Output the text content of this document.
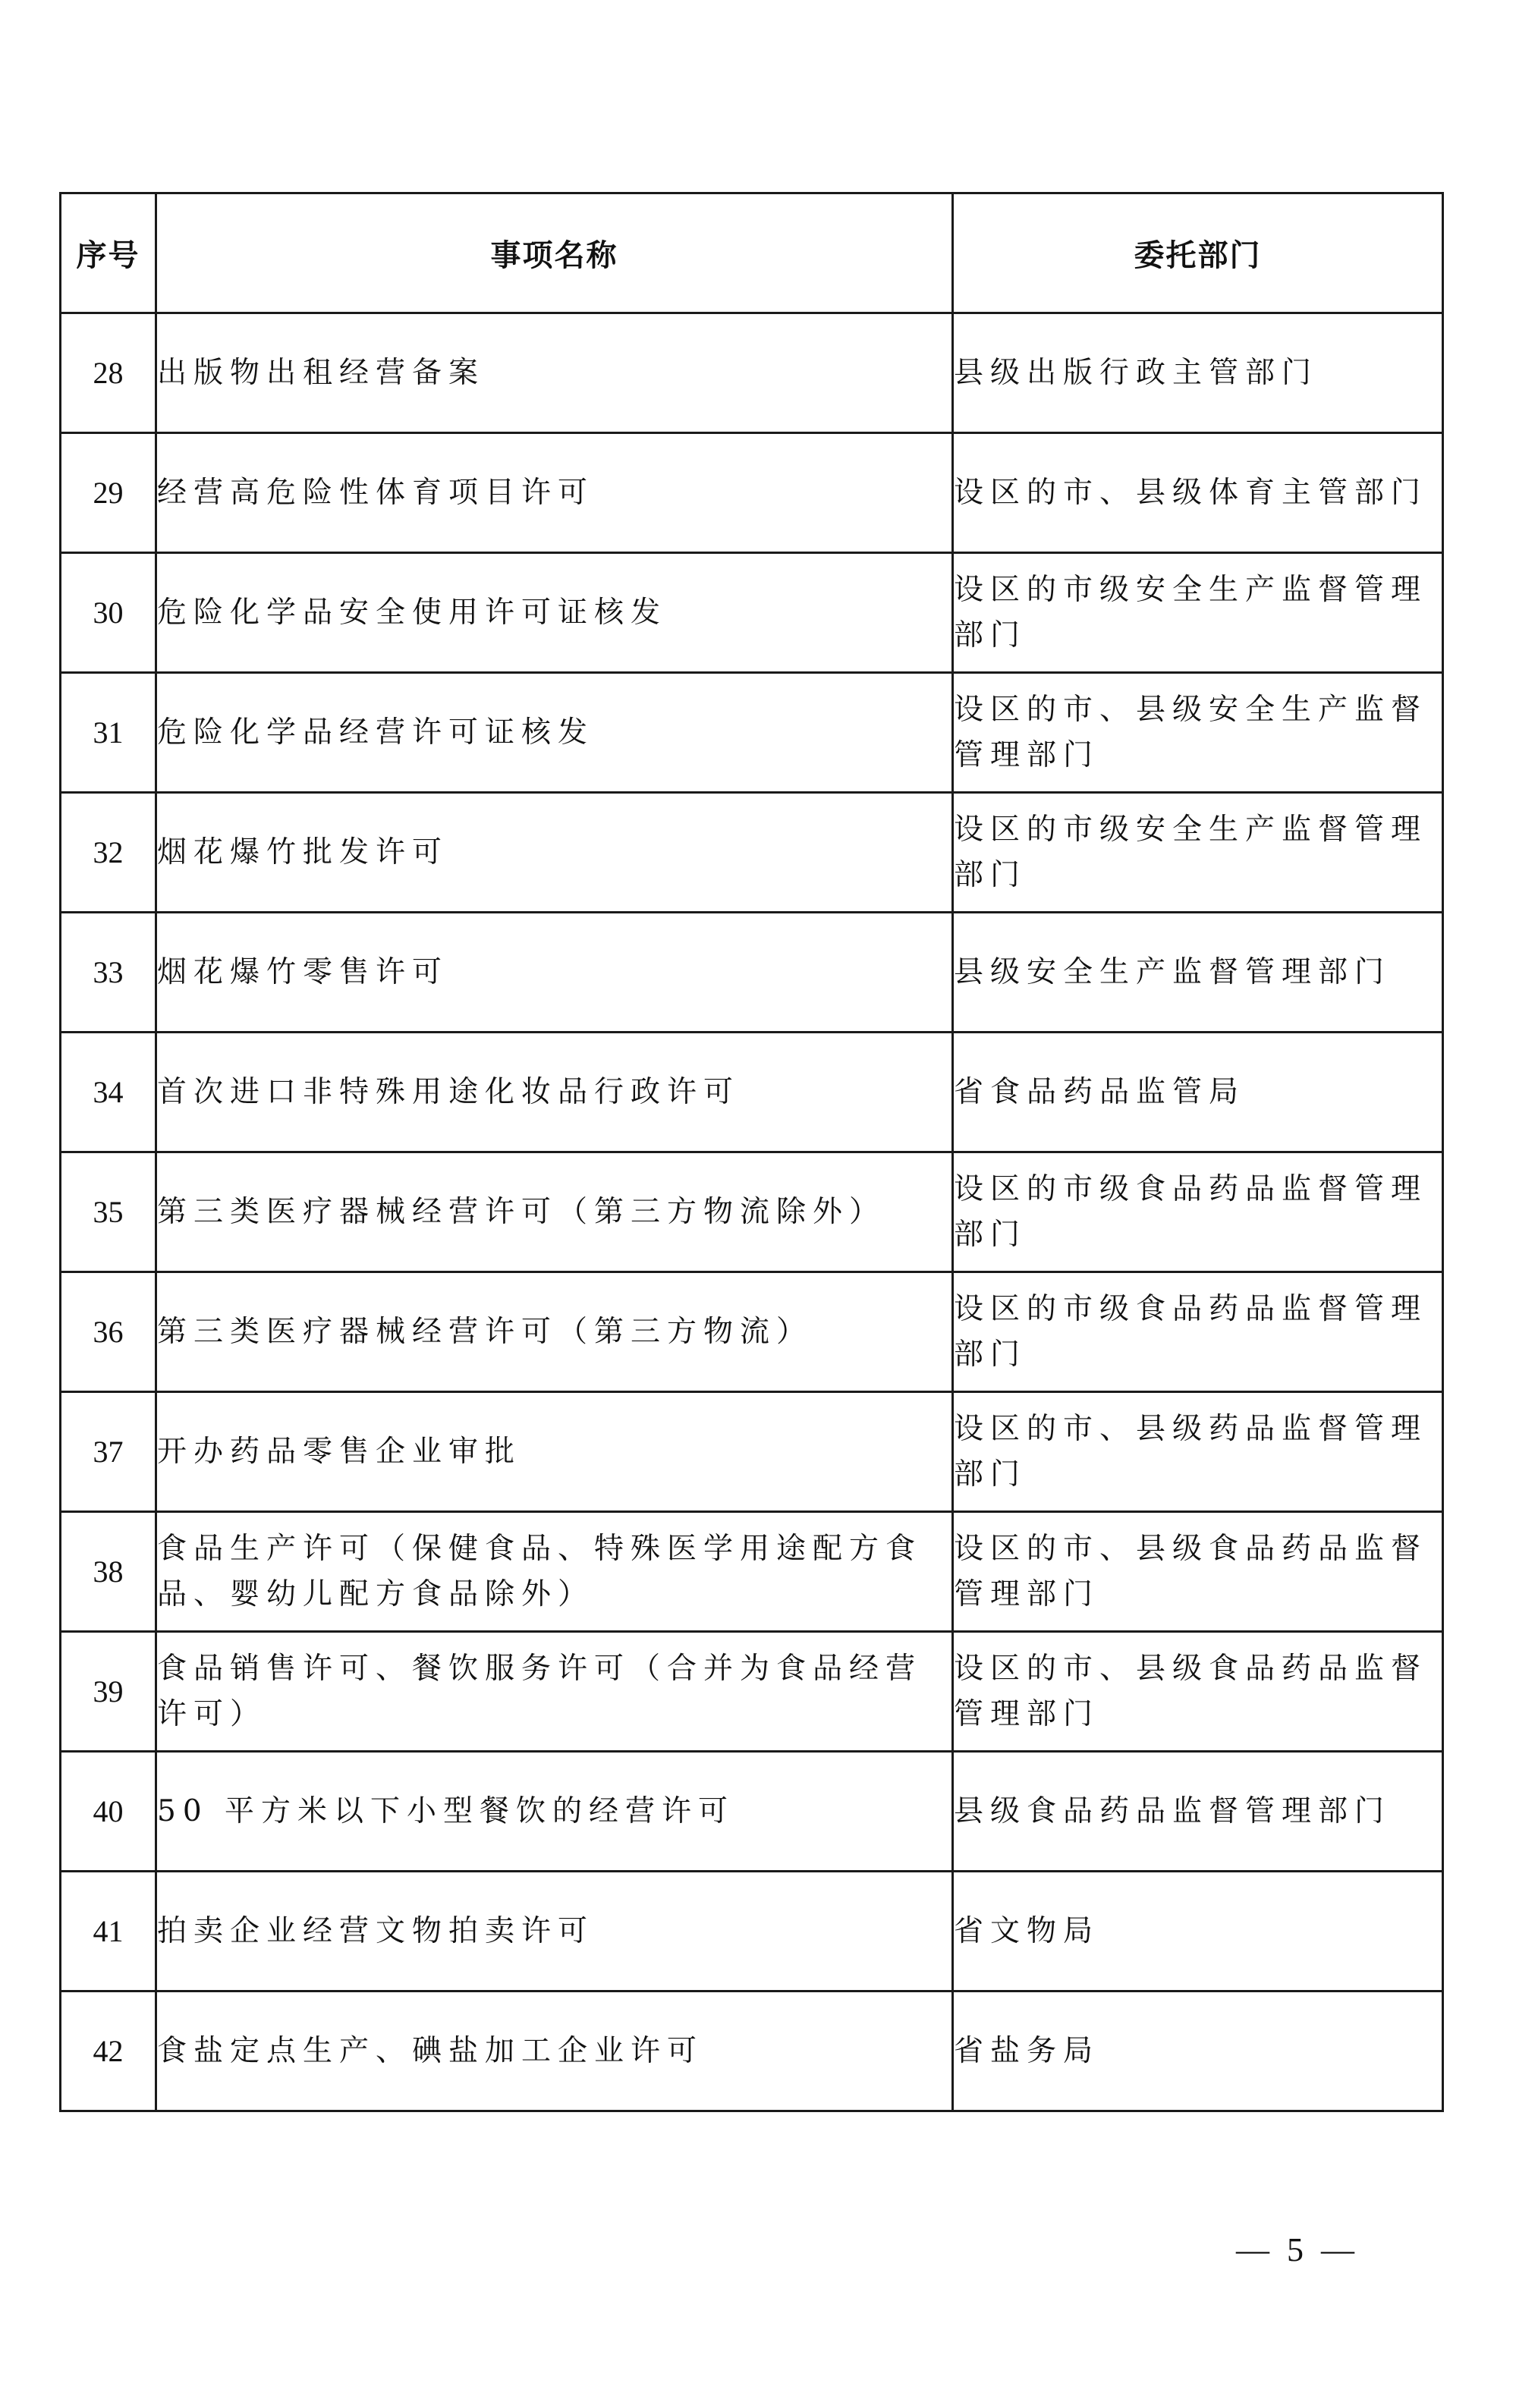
序号	事项名称	委托部门
28	出版物出租经营备案	县级出版行政主管部门
29	经营高危险性体育项目许可	设区的市、县级体育主管部门
30	危险化学品安全使用许可证核发	设区的市级安全生产监督管理部门
31	危险化学品经营许可证核发	设区的市、县级安全生产监督管理部门
32	烟花爆竹批发许可	设区的市级安全生产监督管理部门
33	烟花爆竹零售许可	县级安全生产监督管理部门
34	首次进口非特殊用途化妆品行政许可	省食品药品监管局
35	第三类医疗器械经营许可（第三方物流除外）	设区的市级食品药品监督管理部门
36	第三类医疗器械经营许可（第三方物流）	设区的市级食品药品监督管理部门
37	开办药品零售企业审批	设区的市、县级药品监督管理部门
38	食品生产许可（保健食品、特殊医学用途配方食品、婴幼儿配方食品除外）	设区的市、县级食品药品监督管理部门
39	食品销售许可、餐饮服务许可（合并为食品经营许可）	设区的市、县级食品药品监督管理部门
40	50 平方米以下小型餐饮的经营许可	县级食品药品监督管理部门
41	拍卖企业经营文物拍卖许可	省文物局
42	食盐定点生产、碘盐加工企业许可	省盐务局
— 5 —
